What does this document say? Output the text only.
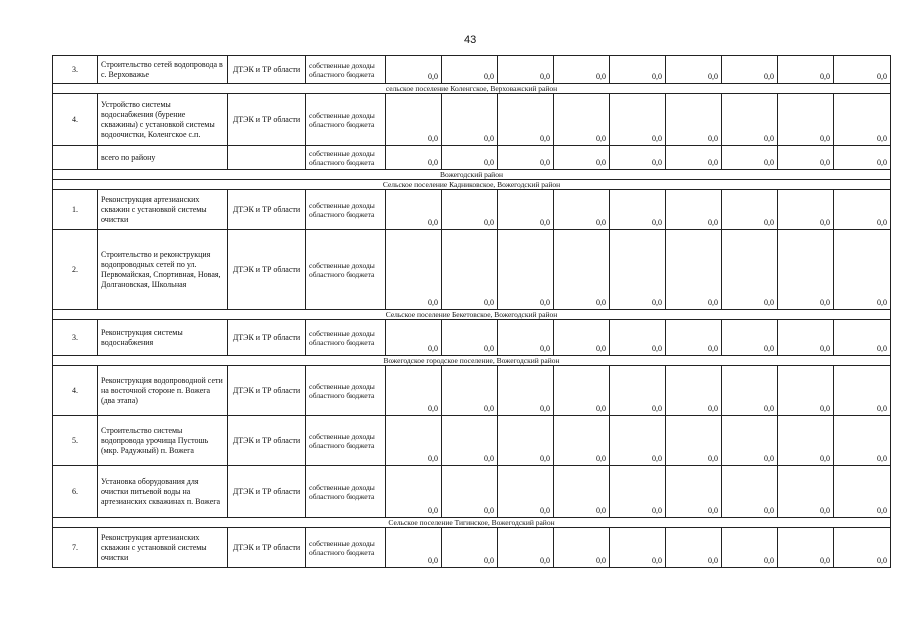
43
3.	Строительство сетей водопровода в с. Верховажье	ДТЭК и ТР области	собственные доходы областного бюджета	0,0	0,0	0,0	0,0	0,0	0,0	0,0	0,0	0,0
сельское поселение Коленгское, Верховажский район												
4.	Устройство системы водоснабжения (бурение скважины) с установкой системы водоочистки, Коленгское с.п.	ДТЭК и ТР области	собственные доходы областного бюджета	0,0	0,0	0,0	0,0	0,0	0,0	0,0	0,0	0,0
	всего по району		собственные доходы областного бюджета	0,0	0,0	0,0	0,0	0,0	0,0	0,0	0,0	0,0
Вожегодский район												
Сельское поселение Кадниковское, Вожегодский район												
1.	Реконструкция артезианских скважин с установкой системы очистки	ДТЭК и ТР области	собственные доходы областного бюджета	0,0	0,0	0,0	0,0	0,0	0,0	0,0	0,0	0,0
2.	Строительство и реконструкция водопроводных сетей по ул. Первомайская, Спортивная, Новая, Долгановская, Школьная	ДТЭК и ТР области	собственные доходы областного бюджета	0,0	0,0	0,0	0,0	0,0	0,0	0,0	0,0	0,0
Сельское поселение Бекетовское, Вожегодский район												
3.	Реконструкция системы водоснабжения	ДТЭК и ТР области	собственные доходы областного бюджета	0,0	0,0	0,0	0,0	0,0	0,0	0,0	0,0	0,0
Вожегодское городское поселение, Вожегодский район												
4.	Реконструкция водопроводной сети на восточной стороне п. Вожега (два этапа)	ДТЭК и ТР области	собственные доходы областного бюджета	0,0	0,0	0,0	0,0	0,0	0,0	0,0	0,0	0,0
5.	Строительство системы водопровода урочища Пустошь (мкр. Радужный) п. Вожега	ДТЭК и ТР области	собственные доходы областного бюджета	0,0	0,0	0,0	0,0	0,0	0,0	0,0	0,0	0,0
6.	Установка оборудования для очистки питьевой воды на артезианских скважинах п. Вожега	ДТЭК и ТР области	собственные доходы областного бюджета	0,0	0,0	0,0	0,0	0,0	0,0	0,0	0,0	0,0
Сельское поселение Тигинское, Вожегодский район												
7.	Реконструкция артезианских скважин с установкой системы очистки	ДТЭК и ТР области	собственные доходы областного бюджета	0,0	0,0	0,0	0,0	0,0	0,0	0,0	0,0	0,0
